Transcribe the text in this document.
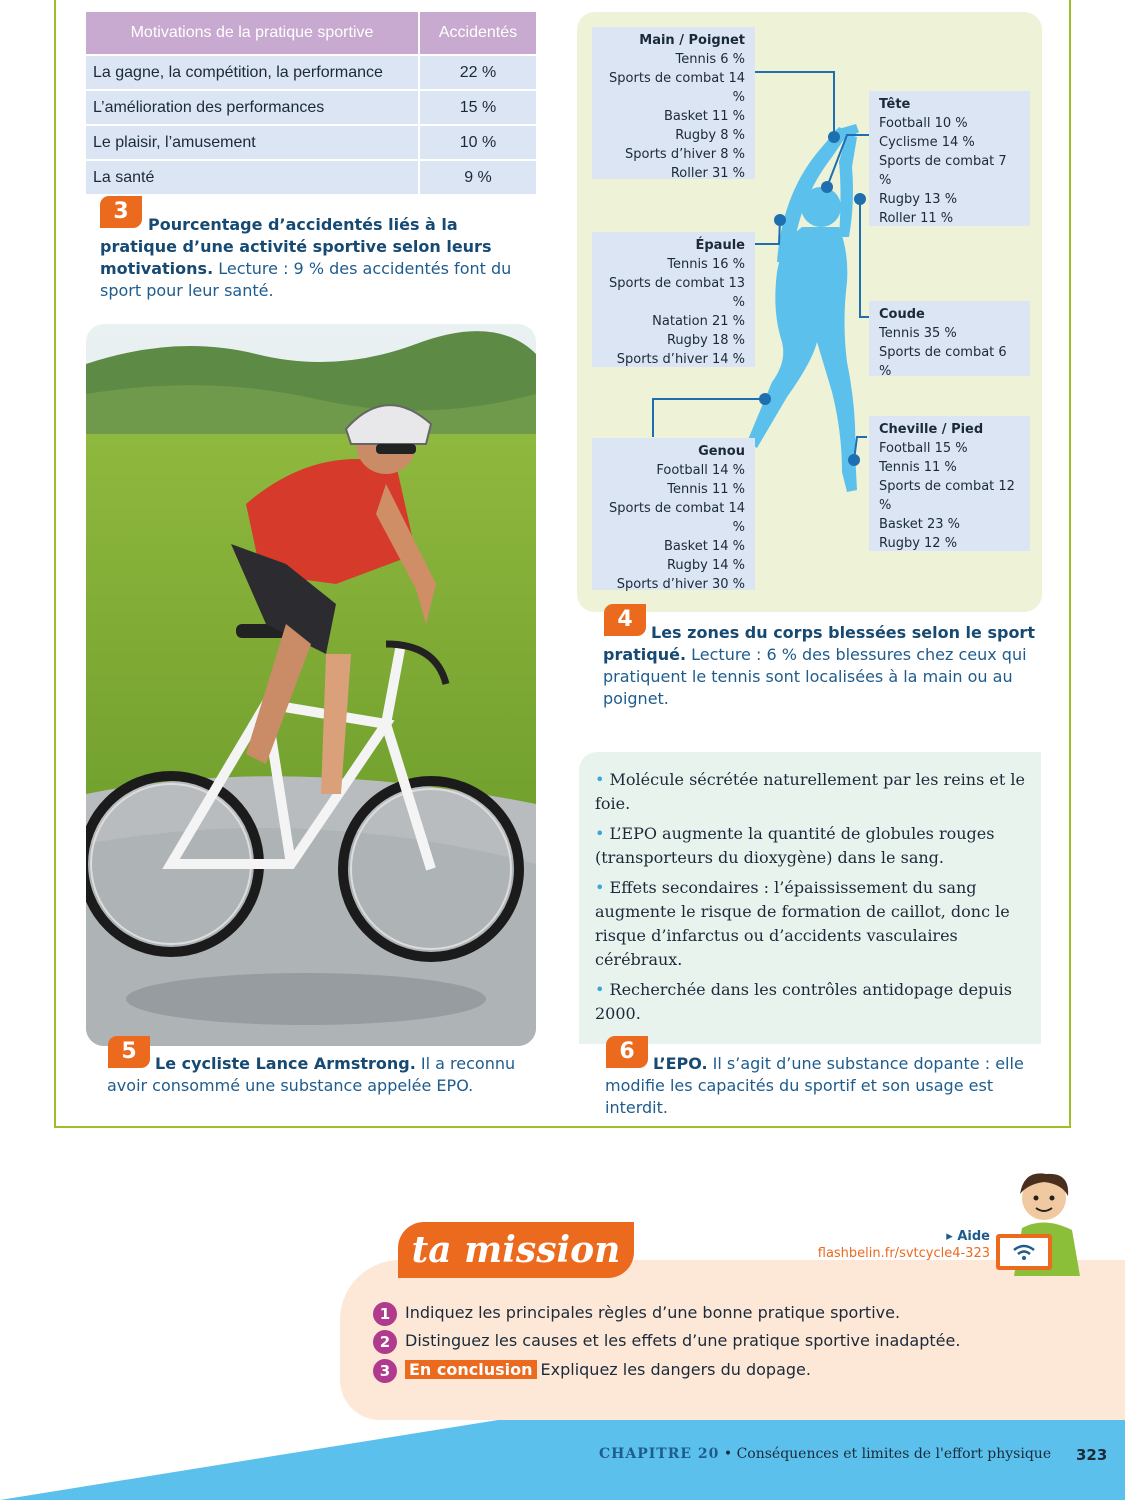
Motivations de la pratique sportive	Accidentés
La gagne, la compétition, la performance	22 %
L’amélioration des performances	15 %
Le plaisir, l’amusement	10 %
La santé	9 %
3
Pourcentage d’accidentés liés à la pratique d’une activité sportive selon leurs motivations. Lecture : 9 % des accidentés font du sport pour leur santé.
5	Le cycliste Lance Armstrong. Il a reconnu avoir consommé une substance appelée EPO.
Main / Poignet
Tennis 6 %
Sports de combat 14 %
Basket 11 %
Rugby 8 %
Sports d’hiver 8 %
Roller 31 %
Tête
Football 10 %
Cyclisme 14 %
Sports de combat 7 %
Rugby 13 %
Roller 11 %
Épaule
Tennis 16 %
Sports de combat 13 %
Natation 21 %
Rugby 18 %
Sports d’hiver 14 %
Coude
Tennis 35 %
Sports de combat 6 %
Genou
Football 14 %
Tennis 11 %
Sports de combat 14 %
Basket 14 %
Rugby 14 %
Sports d’hiver 30 %
Cheville / Pied
Football 15 %
Tennis 11 %
Sports de combat 12 %
Basket 23 %
Rugby 12 %
4
Les zones du corps blessées selon le sport pratiqué. Lecture : 6 % des blessures chez ceux qui pratiquent le tennis sont localisées à la main ou au poignet.

• Molécule sécrétée naturellement par les reins et le foie.

• L’EPO augmente la quantité de globules rouges (transporteurs du dioxygène) dans le sang.

• Effets secondaires : l’épaississement du sang augmente le risque de formation de caillot, donc le risque d’infarctus ou d’accidents vasculaires cérébraux.

• Recherchée dans les contrôles antidopage depuis 2000.

6	L’EPO. Il s’agit d’une substance dopante : elle modifie les capacités du sportif et son usage est interdit.
ta mission	▸ Aide
flashbelin.fr/svtcycle4-323
1 Indiquez les principales règles d’une bonne pratique sportive.
2 Distinguez les causes et les effets d’une pratique sportive inadaptée.
3 En conclusion Expliquez les dangers du dopage.
CHAPITRE 20 • Conséquences et limites de l'effort physique 323
